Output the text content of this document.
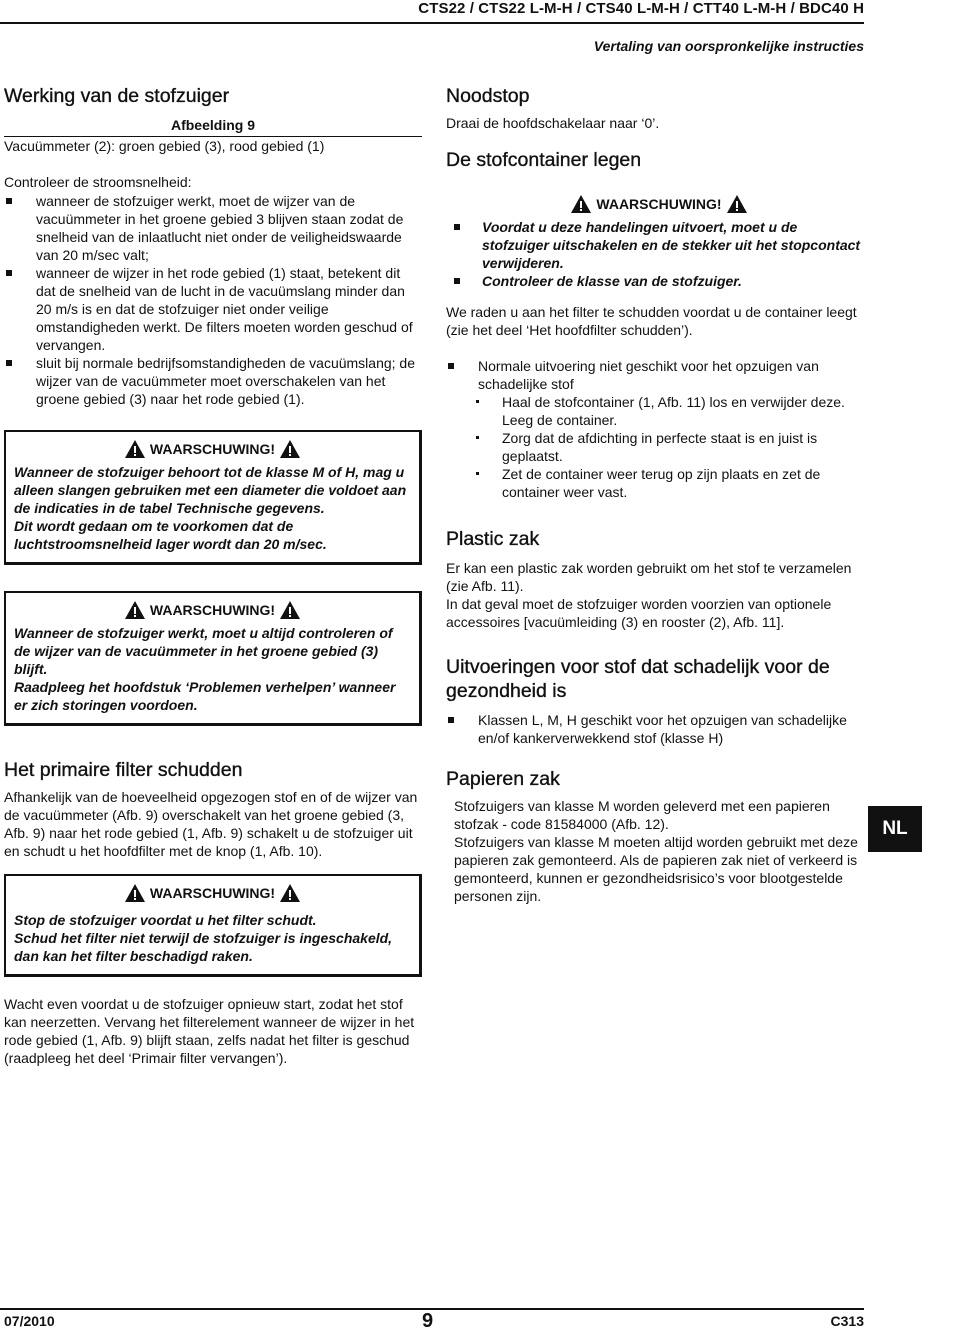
CTS22 / CTS22 L-M-H / CTS40 L-M-H / CTT40 L-M-H / BDC40 H
Vertaling van oorspronkelijke instructies
Werking van de stofzuiger
Afbeelding 9
Vacuümmeter (2): groen gebied (3), rood gebied (1)
Controleer de stroomsnelheid:
wanneer de stofzuiger werkt, moet de wijzer van de vacuümmeter in het groene gebied 3 blijven staan zodat de snelheid van de inlaatlucht niet onder de veiligheidswaarde van 20 m/sec valt;
wanneer de wijzer in het rode gebied (1) staat, betekent dit dat de snelheid van de lucht in de vacuümslang minder dan 20 m/s is en dat de stofzuiger niet onder veilige omstandigheden werkt. De filters moeten worden geschud of vervangen.
sluit bij normale bedrijfsomstandigheden de vacuümslang; de wijzer van de vacuümmeter moet overschakelen van het groene gebied (3) naar het rode gebied (1).
WAARSCHUWING!
Wanneer de stofzuiger behoort tot de klasse M of H, mag u alleen slangen gebruiken met een diameter die voldoet aan de indicaties in de tabel Technische gegevens.
Dit wordt gedaan om te voorkomen dat de luchtstroomsnelheid lager wordt dan 20 m/sec.
WAARSCHUWING!
Wanneer de stofzuiger werkt, moet u altijd controleren of de wijzer van de vacuümmeter in het groene gebied (3) blijft.
Raadpleeg het hoofdstuk ‘Problemen verhelpen’ wanneer er zich storingen voordoen.
Het primaire filter schudden
Afhankelijk van de hoeveelheid opgezogen stof en of de wijzer van de vacuümmeter (Afb. 9) overschakelt van het groene gebied (3, Afb. 9) naar het rode gebied (1, Afb. 9) schakelt u de stofzuiger uit en schudt u het hoofdfilter met de knop (1, Afb. 10).
WAARSCHUWING!
Stop de stofzuiger voordat u het filter schudt.
Schud het filter niet terwijl de stofzuiger is ingeschakeld, dan kan het filter beschadigd raken.
Wacht even voordat u de stofzuiger opnieuw start, zodat het stof kan neerzetten. Vervang het filterelement wanneer de wijzer in het rode gebied (1, Afb. 9) blijft staan, zelfs nadat het filter is geschud (raadpleeg het deel ‘Primair filter vervangen’).
Noodstop
Draai de hoofdschakelaar naar ‘0’.
De stofcontainer legen
WAARSCHUWING!
Voordat u deze handelingen uitvoert, moet u de stofzuiger uitschakelen en de stekker uit het stopcontact verwijderen.
Controleer de klasse van de stofzuiger.
We raden u aan het filter te schudden voordat u de container leegt (zie het deel ‘Het hoofdfilter schudden’).
Normale uitvoering niet geschikt voor het opzuigen van schadelijke stof
Haal de stofcontainer (1, Afb. 11) los en verwijder deze. Leeg de container.
Zorg dat de afdichting in perfecte staat is en juist is geplaatst.
Zet de container weer terug op zijn plaats en zet de container weer vast.
Plastic zak
Er kan een plastic zak worden gebruikt om het stof te verzamelen (zie Afb. 11).
In dat geval moet de stofzuiger worden voorzien van optionele accessoires [vacuümleiding (3) en rooster (2), Afb. 11].
Uitvoeringen voor stof dat schadelijk voor de gezondheid is
Klassen L, M, H geschikt voor het opzuigen van schadelijke en/of kankerverwekkend stof (klasse H)
Papieren zak
Stofzuigers van klasse M worden geleverd met een papieren stofzak - code 81584000 (Afb. 12).
Stofzuigers van klasse M moeten altijd worden gebruikt met deze papieren zak gemonteerd. Als de papieren zak niet of verkeerd is gemonteerd, kunnen er gezondheidsrisico’s voor blootgestelde personen zijn.
NL
07/2010	9	C313
